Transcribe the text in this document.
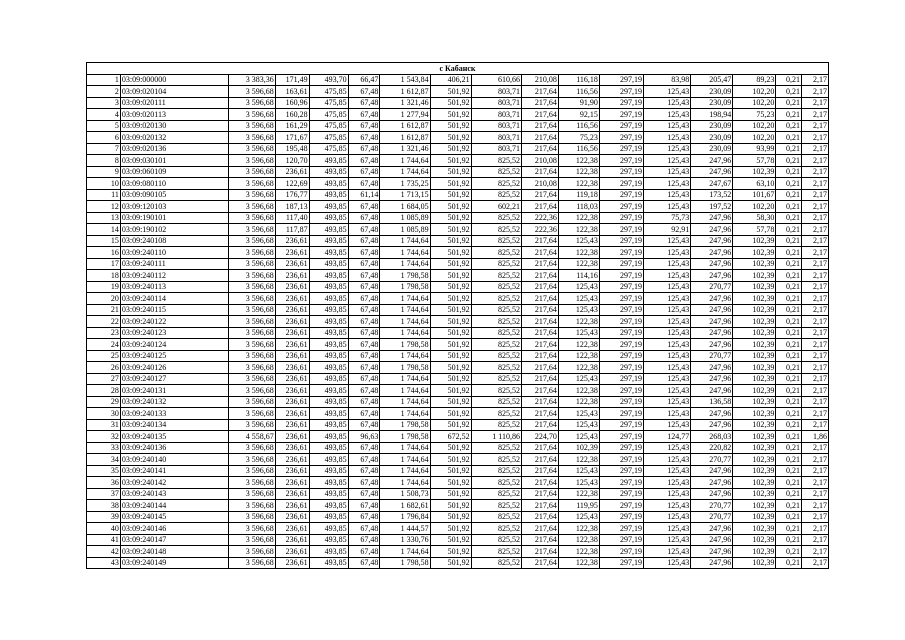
с Кабанск																
1	03:09:000000	3 383,36	171,49	493,70	66,47	1 543,84	406,21	610,66	210,08	116,18	297,19	83,98	205,47	89,23	0,21	2,17
2	03:09:020104	3 596,68	163,61	475,85	67,48	1 612,87	501,92	803,71	217,64	116,56	297,19	125,43	230,09	102,20	0,21	2,17
3	03:09:020111	3 596,68	160,96	475,85	67,48	1 321,46	501,92	803,71	217,64	91,90	297,19	125,43	230,09	102,20	0,21	2,17
4	03:09:020113	3 596,68	160,28	475,85	67,48	1 277,94	501,92	803,71	217,64	92,15	297,19	125,43	198,94	75,23	0,21	2,17
5	03:09:020130	3 596,68	161,29	475,85	67,48	1 612,87	501,92	803,71	217,64	116,56	297,19	125,43	230,09	102,20	0,21	2,17
6	03:09:020132	3 596,68	171,67	475,85	67,48	1 612,87	501,92	803,71	217,64	75,23	297,19	125,43	230,09	102,20	0,21	2,17
7	03:09:020136	3 596,68	195,48	475,85	67,48	1 321,46	501,92	803,71	217,64	116,56	297,19	125,43	230,09	93,99	0,21	2,17
8	03:09:030101	3 596,68	120,70	493,85	67,48	1 744,64	501,92	825,52	210,08	122,38	297,19	125,43	247,96	57,78	0,21	2,17
9	03:09:060109	3 596,68	236,61	493,85	67,48	1 744,64	501,92	825,52	217,64	122,38	297,19	125,43	247,96	102,39	0,21	2,17
10	03:09:080110	3 596,68	122,69	493,85	67,48	1 735,25	501,92	825,52	210,08	122,38	297,19	125,43	247,67	63,10	0,21	2,17
11	03:09:090105	3 596,68	176,77	493,85	61,14	1 713,15	501,92	825,52	217,64	119,18	297,19	125,43	173,52	101,67	0,21	2,17
12	03:09:120103	3 596,68	187,13	493,85	67,48	1 684,05	501,92	602,21	217,64	118,03	297,19	125,43	197,52	102,20	0,21	2,17
13	03:09:190101	3 596,68	117,40	493,85	67,48	1 085,89	501,92	825,52	222,36	122,38	297,19	75,73	247,96	58,30	0,21	2,17
14	03:09:190102	3 596,68	117,87	493,85	67,48	1 085,89	501,92	825,52	222,36	122,38	297,19	92,91	247,96	57,78	0,21	2,17
15	03:09:240108	3 596,68	236,61	493,85	67,48	1 744,64	501,92	825,52	217,64	125,43	297,19	125,43	247,96	102,39	0,21	2,17
16	03:09:240110	3 596,68	236,61	493,85	67,48	1 744,64	501,92	825,52	217,64	122,38	297,19	125,43	247,96	102,39	0,21	2,17
17	03:09:240111	3 596,68	236,61	493,85	67,48	1 744,64	501,92	825,52	217,64	122,38	297,19	125,43	247,96	102,39	0,21	2,17
18	03:09:240112	3 596,68	236,61	493,85	67,48	1 798,58	501,92	825,52	217,64	114,16	297,19	125,43	247,96	102,39	0,21	2,17
19	03:09:240113	3 596,68	236,61	493,85	67,48	1 798,58	501,92	825,52	217,64	125,43	297,19	125,43	270,77	102,39	0,21	2,17
20	03:09:240114	3 596,68	236,61	493,85	67,48	1 744,64	501,92	825,52	217,64	125,43	297,19	125,43	247,96	102,39	0,21	2,17
21	03:09:240115	3 596,68	236,61	493,85	67,48	1 744,64	501,92	825,52	217,64	125,43	297,19	125,43	247,96	102,39	0,21	2,17
22	03:09:240122	3 596,68	236,61	493,85	67,48	1 744,64	501,92	825,52	217,64	122,38	297,19	125,43	247,96	102,39	0,21	2,17
23	03:09:240123	3 596,68	236,61	493,85	67,48	1 744,64	501,92	825,52	217,64	125,43	297,19	125,43	247,96	102,39	0,21	2,17
24	03:09:240124	3 596,68	236,61	493,85	67,48	1 798,58	501,92	825,52	217,64	122,38	297,19	125,43	247,96	102,39	0,21	2,17
25	03:09:240125	3 596,68	236,61	493,85	67,48	1 744,64	501,92	825,52	217,64	122,38	297,19	125,43	270,77	102,39	0,21	2,17
26	03:09:240126	3 596,68	236,61	493,85	67,48	1 798,58	501,92	825,52	217,64	122,38	297,19	125,43	247,96	102,39	0,21	2,17
27	03:09:240127	3 596,68	236,61	493,85	67,48	1 744,64	501,92	825,52	217,64	125,43	297,19	125,43	247,96	102,39	0,21	2,17
28	03:09:240131	3 596,68	236,61	493,85	67,48	1 744,64	501,92	825,52	217,64	122,38	297,19	125,43	247,96	102,39	0,21	2,17
29	03:09:240132	3 596,68	236,61	493,85	67,48	1 744,64	501,92	825,52	217,64	122,38	297,19	125,43	136,58	102,39	0,21	2,17
30	03:09:240133	3 596,68	236,61	493,85	67,48	1 744,64	501,92	825,52	217,64	125,43	297,19	125,43	247,96	102,39	0,21	2,17
31	03:09:240134	3 596,68	236,61	493,85	67,48	1 798,58	501,92	825,52	217,64	125,43	297,19	125,43	247,96	102,39	0,21	2,17
32	03:09:240135	4 558,67	236,61	493,85	96,63	1 798,58	672,52	1 110,86	224,70	125,43	297,19	124,77	268,03	102,39	0,21	1,86
33	03:09:240136	3 596,68	236,61	493,85	67,48	1 744,64	501,92	825,52	217,64	102,39	297,19	125,43	220,82	102,39	0,21	2,17
34	03:09:240140	3 596,68	236,61	493,85	67,48	1 744,64	501,92	825,52	217,64	122,38	297,19	125,43	270,77	102,39	0,21	2,17
35	03:09:240141	3 596,68	236,61	493,85	67,48	1 744,64	501,92	825,52	217,64	125,43	297,19	125,43	247,96	102,39	0,21	2,17
36	03:09:240142	3 596,68	236,61	493,85	67,48	1 744,64	501,92	825,52	217,64	125,43	297,19	125,43	247,96	102,39	0,21	2,17
37	03:09:240143	3 596,68	236,61	493,85	67,48	1 508,73	501,92	825,52	217,64	122,38	297,19	125,43	247,96	102,39	0,21	2,17
38	03:09:240144	3 596,68	236,61	493,85	67,48	1 682,61	501,92	825,52	217,64	119,95	297,19	125,43	270,77	102,39	0,21	2,17
39	03:09:240145	3 596,68	236,61	493,85	67,48	1 796,84	501,92	825,52	217,64	125,43	297,19	125,43	270,77	102,39	0,21	2,17
40	03:09:240146	3 596,68	236,61	493,85	67,48	1 444,57	501,92	825,52	217,64	122,38	297,19	125,43	247,96	102,39	0,21	2,17
41	03:09:240147	3 596,68	236,61	493,85	67,48	1 330,76	501,92	825,52	217,64	122,38	297,19	125,43	247,96	102,39	0,21	2,17
42	03:09:240148	3 596,68	236,61	493,85	67,48	1 744,64	501,92	825,52	217,64	122,38	297,19	125,43	247,96	102,39	0,21	2,17
43	03:09:240149	3 596,68	236,61	493,85	67,48	1 798,58	501,92	825,52	217,64	122,38	297,19	125,43	247,96	102,39	0,21	2,17
